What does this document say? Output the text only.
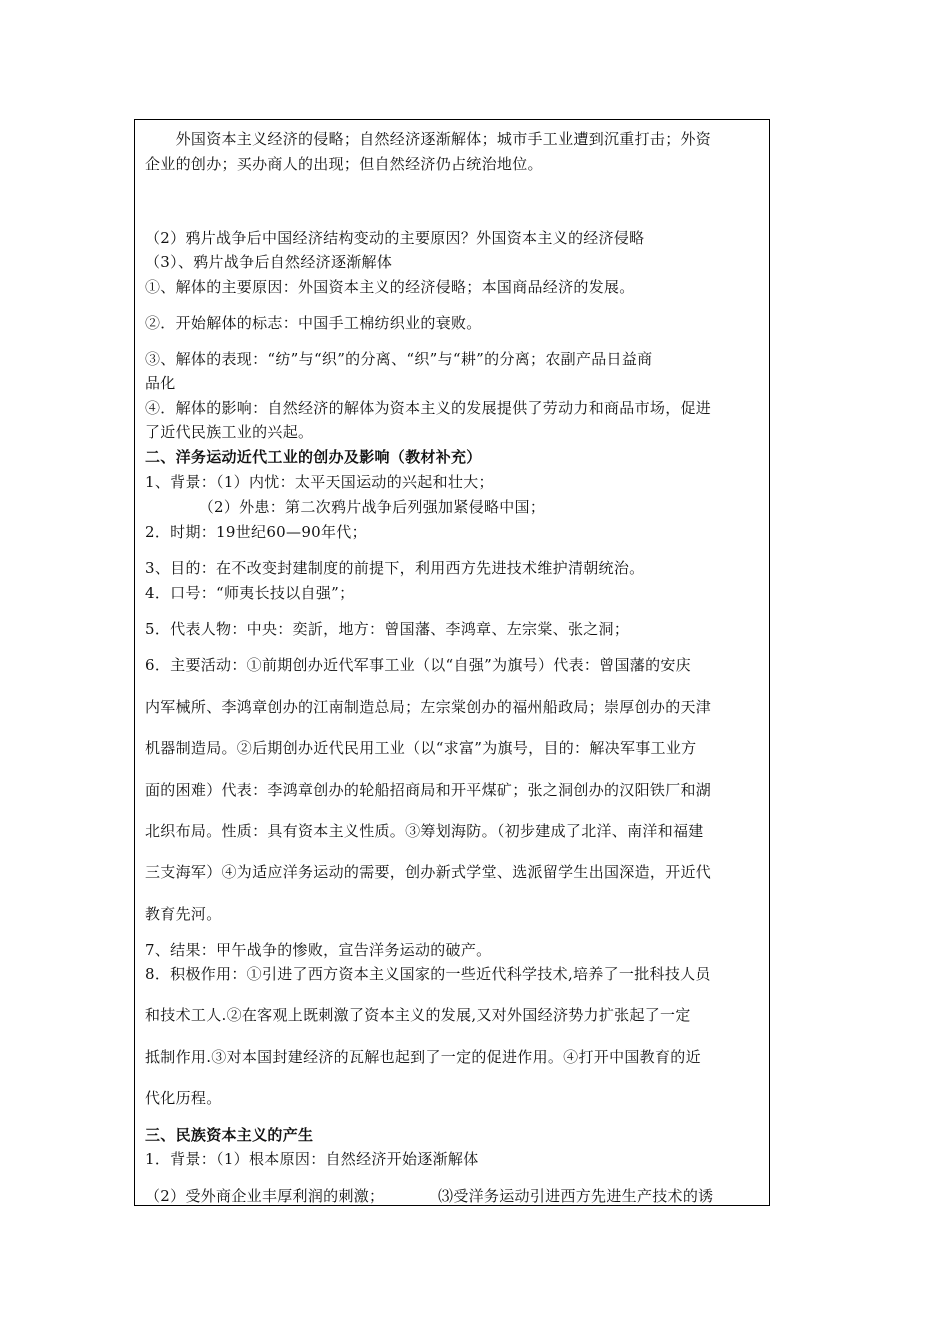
　　外国资本主义经济的侵略；自然经济逐渐解体；城市手工业遭到沉重打击；外资
企业的创办；买办商人的出现；但自然经济仍占统治地位。
（2）鸦片战争后中国经济结构变动的主要原因？外国资本主义的经济侵略
（3）、鸦片战争后自然经济逐渐解体
①、解体的主要原因：外国资本主义的经济侵略；本国商品经济的发展。
②．开始解体的标志：中国手工棉纺织业的衰败。
③、解体的表现：“纺”与“织”的分离、“织”与“耕”的分离；农副产品日益商
品化
④．解体的影响：自然经济的解体为资本主义的发展提供了劳动力和商品市场，促进
了近代民族工业的兴起。
二、洋务运动近代工业的创办及影响（教材补充）
1、背景：（1）内忧：太平天国运动的兴起和壮大；
　　　　（2）外患：第二次鸦片战争后列强加紧侵略中国；
2．时期：19世纪60—90年代；
3、目的：在不改变封建制度的前提下，利用西方先进技术维护清朝统治。
4．口号：“师夷长技以自强”；
5．代表人物：中央：奕訢，地方：曾国藩、李鸿章、左宗棠、张之洞；
6．主要活动：①前期创办近代军事工业（以“自强”为旗号）代表：曾国藩的安庆
内军械所、李鸿章创办的江南制造总局；左宗棠创办的福州船政局；崇厚创办的天津
机器制造局。②后期创办近代民用工业（以“求富”为旗号，目的：解决军事工业方
面的困难）代表：李鸿章创办的轮船招商局和开平煤矿；张之洞创办的汉阳铁厂和湖
北织布局。性质：具有资本主义性质。③筹划海防。（初步建成了北洋、南洋和福建
三支海军）④为适应洋务运动的需要，创办新式学堂、选派留学生出国深造，开近代
教育先河。
7、结果：甲午战争的惨败，宣告洋务运动的破产。
8．积极作用：①引进了西方资本主义国家的一些近代科学技术,培养了一批科技人员
和技术工人.②在客观上既刺激了资本主义的发展,又对外国经济势力扩张起了一定
抵制作用.③对本国封建经济的瓦解也起到了一定的促进作用。④打开中国教育的近
代化历程。
三、民族资本主义的产生
1．背景：（1）根本原因：自然经济开始逐渐解体
（2）受外商企业丰厚利润的刺激；　　　　⑶受洋务运动引进西方先进生产技术的诱
